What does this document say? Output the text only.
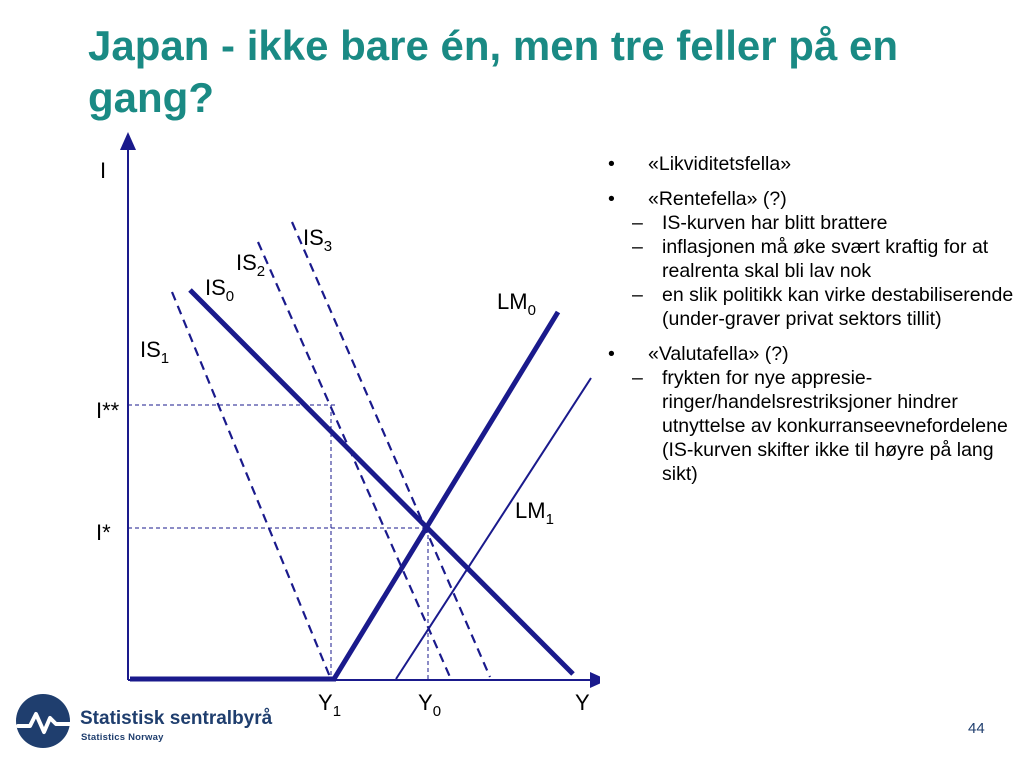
Japan - ikke bare én, men tre feller på en gang?
I
Y
I**
I*
$Y_1$	$Y_0$
$IS_3$
$IS_2$
$IS_0$
$IS_1$
$LM_0$
$LM_1$
• «Likviditetsfella»
• «Rentefella» (?)
– IS-kurven har blitt brattere
– inflasjonen må øke svært kraftig for at realrenta skal bli lav nok
– en slik politikk kan virke destabiliserende (under-graver privat sektors tillit)
• «Valutafella» (?)
– frykten for nye appresie-ringer/handelsrestriksjoner hindrer utnyttelse av konkurranseevnefordelene (IS-kurven skifter ikke til høyre på lang sikt)
Statistisk sentralbyrå
Statistics Norway
44
